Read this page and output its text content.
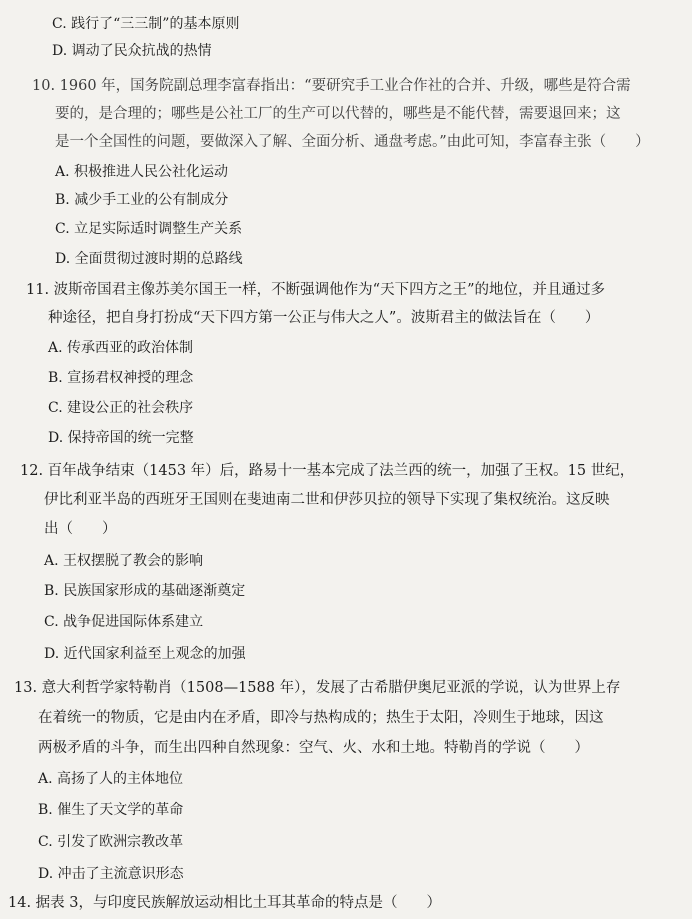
C. 践行了“三三制”的基本原则
D. 调动了民众抗战的热情
10. 1960 年，国务院副总理李富春指出：“要研究手工业合作社的合并、升级，哪些是符合需
要的，是合理的；哪些是公社工厂的生产可以代替的，哪些是不能代替，需要退回来；这
是一个全国性的问题，要做深入了解、全面分析、通盘考虑。”由此可知，李富春主张（　　）
A. 积极推进人民公社化运动
B. 减少手工业的公有制成分
C. 立足实际适时调整生产关系
D. 全面贯彻过渡时期的总路线
11. 波斯帝国君主像苏美尔国王一样，不断强调他作为“天下四方之王”的地位，并且通过多
种途径，把自身打扮成“天下四方第一公正与伟大之人”。波斯君主的做法旨在（　　）
A. 传承西亚的政治体制
B. 宣扬君权神授的理念
C. 建设公正的社会秩序
D. 保持帝国的统一完整
12. 百年战争结束（1453 年）后，路易十一基本完成了法兰西的统一，加强了王权。15 世纪，
伊比利亚半岛的西班牙王国则在斐迪南二世和伊莎贝拉的领导下实现了集权统治。这反映
出（　　）
A. 王权摆脱了教会的影响
B. 民族国家形成的基础逐渐奠定
C. 战争促进国际体系建立
D. 近代国家利益至上观念的加强
13. 意大利哲学家特勒肖（1508—1588 年），发展了古希腊伊奥尼亚派的学说，认为世界上存
在着统一的物质，它是由内在矛盾，即冷与热构成的；热生于太阳，冷则生于地球，因这
两极矛盾的斗争，而生出四种自然现象：空气、火、水和土地。特勒肖的学说（　　）
A. 高扬了人的主体地位
B. 催生了天文学的革命
C. 引发了欧洲宗教改革
D. 冲击了主流意识形态
14. 据表 3，与印度民族解放运动相比土耳其革命的特点是（　　）
